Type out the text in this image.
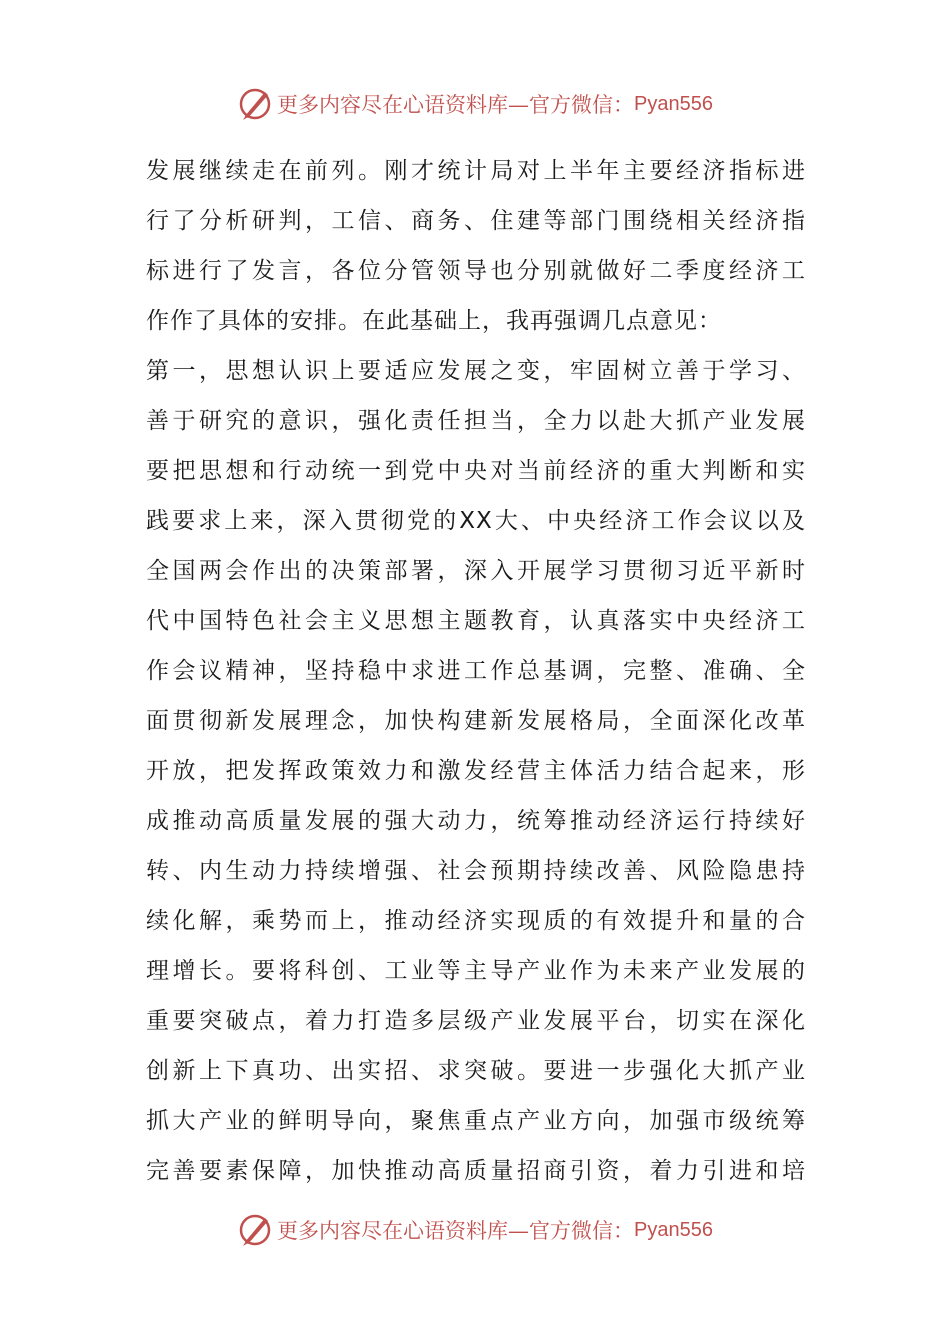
更多内容尽在心语资料库—官方微信： Pyan556
发展继续走在前列。刚才统计局对上半年主要经济指标进
行了分析研判，工信、商务、住建等部门围绕相关经济指
标进行了发言，各位分管领导也分别就做好二季度经济工
作作了具体的安排。在此基础上，我再强调几点意见：
第一，思想认识上要适应发展之变，牢固树立善于学习、
善于研究的意识，强化责任担当，全力以赴大抓产业发展
要把思想和行动统一到党中央对当前经济的重大判断和实
践要求上来，深入贯彻党的XX大、中央经济工作会议以及
全国两会作出的决策部署，深入开展学习贯彻习近平新时
代中国特色社会主义思想主题教育，认真落实中央经济工
作会议精神，坚持稳中求进工作总基调，完整、准确、全
面贯彻新发展理念，加快构建新发展格局，全面深化改革
开放，把发挥政策效力和激发经营主体活力结合起来，形
成推动高质量发展的强大动力，统筹推动经济运行持续好
转、内生动力持续增强、社会预期持续改善、风险隐患持
续化解，乘势而上，推动经济实现质的有效提升和量的合
理增长。要将科创、工业等主导产业作为未来产业发展的
重要突破点，着力打造多层级产业发展平台，切实在深化
创新上下真功、出实招、求突破。要进一步强化大抓产业
抓大产业的鲜明导向，聚焦重点产业方向，加强市级统筹
完善要素保障，加快推动高质量招商引资，着力引进和培
更多内容尽在心语资料库—官方微信： Pyan556
